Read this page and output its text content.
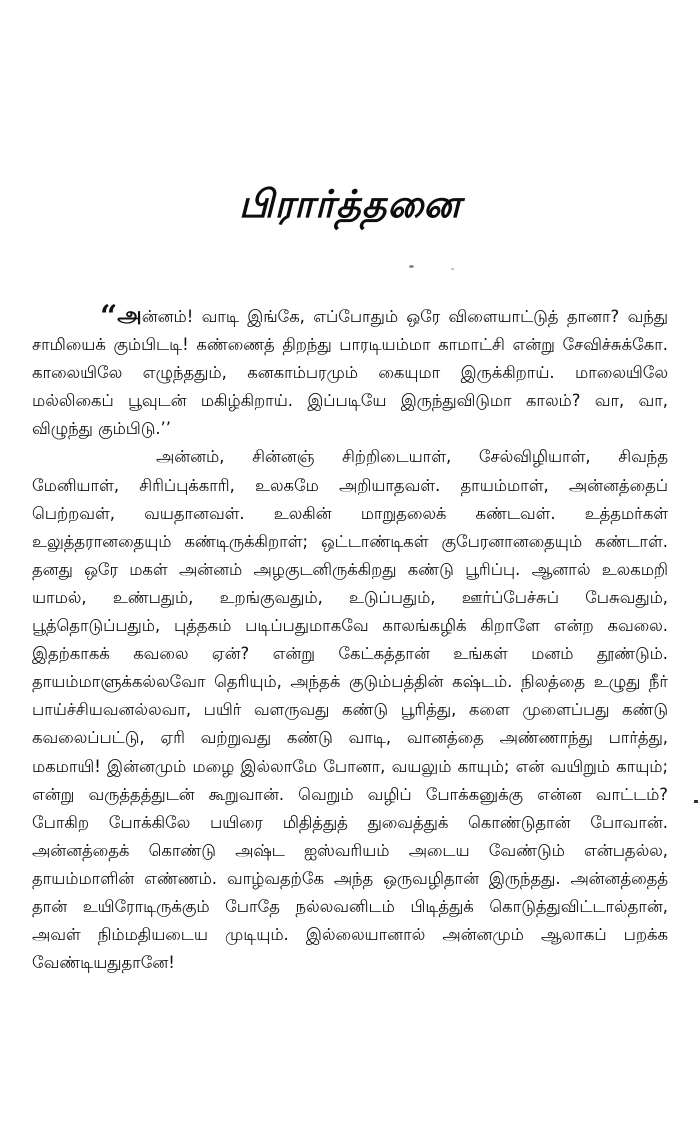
பிரார்த்தனை

“அன்னம்! வாடி இங்கே, எப்போதும் ஒரே விளையாட்டுத் தானா? வந்து சாமியைக் கும்பிடடி! கண்ணைத் திறந்து பாரடியம்மா காமாட்சி என்று சேவிச்சுக்கோ. காலையிலே எழுந்ததும், கனகாம்பரமும் கையுமா இருக்கிறாய். மாலையிலே மல்லிகைப் பூவுடன் மகிழ்கிறாய். இப்படியே இருந்துவிடுமா காலம்? வா, வா, விழுந்து கும்பிடு.’’

அன்னம், சின்னஞ் சிற்றிடையாள், சேல்விழியாள், சிவந்த மேனியாள், சிரிப்புக்காரி, உலகமே அறியாதவள். தாயம்மாள், அன்னத்தைப் பெற்றவள், வயதானவள். உலகின் மாறுதலைக் கண்டவள். உத்தமர்கள் உலுத்தரானதையும் கண்டிருக்கிறாள்; ஒட்டாண்டிகள் குபேரனானதையும் கண்டாள். தனது ஒரே மகள் அன்னம் அழகுடனிருக்கிறது கண்டு பூரிப்பு. ஆனால் உலகமறி யாமல், உண்பதும், உறங்குவதும், உடுப்பதும், ஊர்ப்பேச்சுப் பேசுவதும், பூத்தொடுப்பதும், புத்தகம் படிப்பதுமாகவே காலங்கழிக் கிறாளே என்ற கவலை. இதற்காகக் கவலை ஏன்? என்று கேட்கத்தான் உங்கள் மனம் தூண்டும். தாயம்மாளுக்கல்லவோ தெரியும், அந்தக் குடும்பத்தின் கஷ்டம். நிலத்தை உழுது நீர் பாய்ச்சியவனல்லவா, பயிர் வளருவது கண்டு பூரித்து, களை முளைப்பது கண்டு கவலைப்பட்டு, ஏரி வற்றுவது கண்டு வாடி, வானத்தை அண்ணாந்து பார்த்து, மகமாயி! இன்னமும் மழை இல்லாமே போனா, வயலும் காயும்; என் வயிறும் காயும்; என்று வருத்தத்துடன் கூறுவான். வெறும் வழிப் போக்கனுக்கு என்ன வாட்டம்? போகிற போக்கிலே பயிரை மிதித்துத் துவைத்துக் கொண்டுதான் போவான். அன்னத்தைக் கொண்டு அஷ்ட ஐஸ்வரியம் அடைய வேண்டும் என்பதல்ல, தாயம்மாளின் எண்ணம். வாழ்வதற்கே அந்த ஒருவழிதான் இருந்தது. அன்னத்தைத் தான் உயிரோடிருக்கும் போதே நல்லவனிடம் பிடித்துக் கொடுத்துவிட்டால்தான், அவள் நிம்மதியடைய முடியும். இல்லையானால் அன்னமும் ஆலாகப் பறக்க வேண்டியதுதானே!
